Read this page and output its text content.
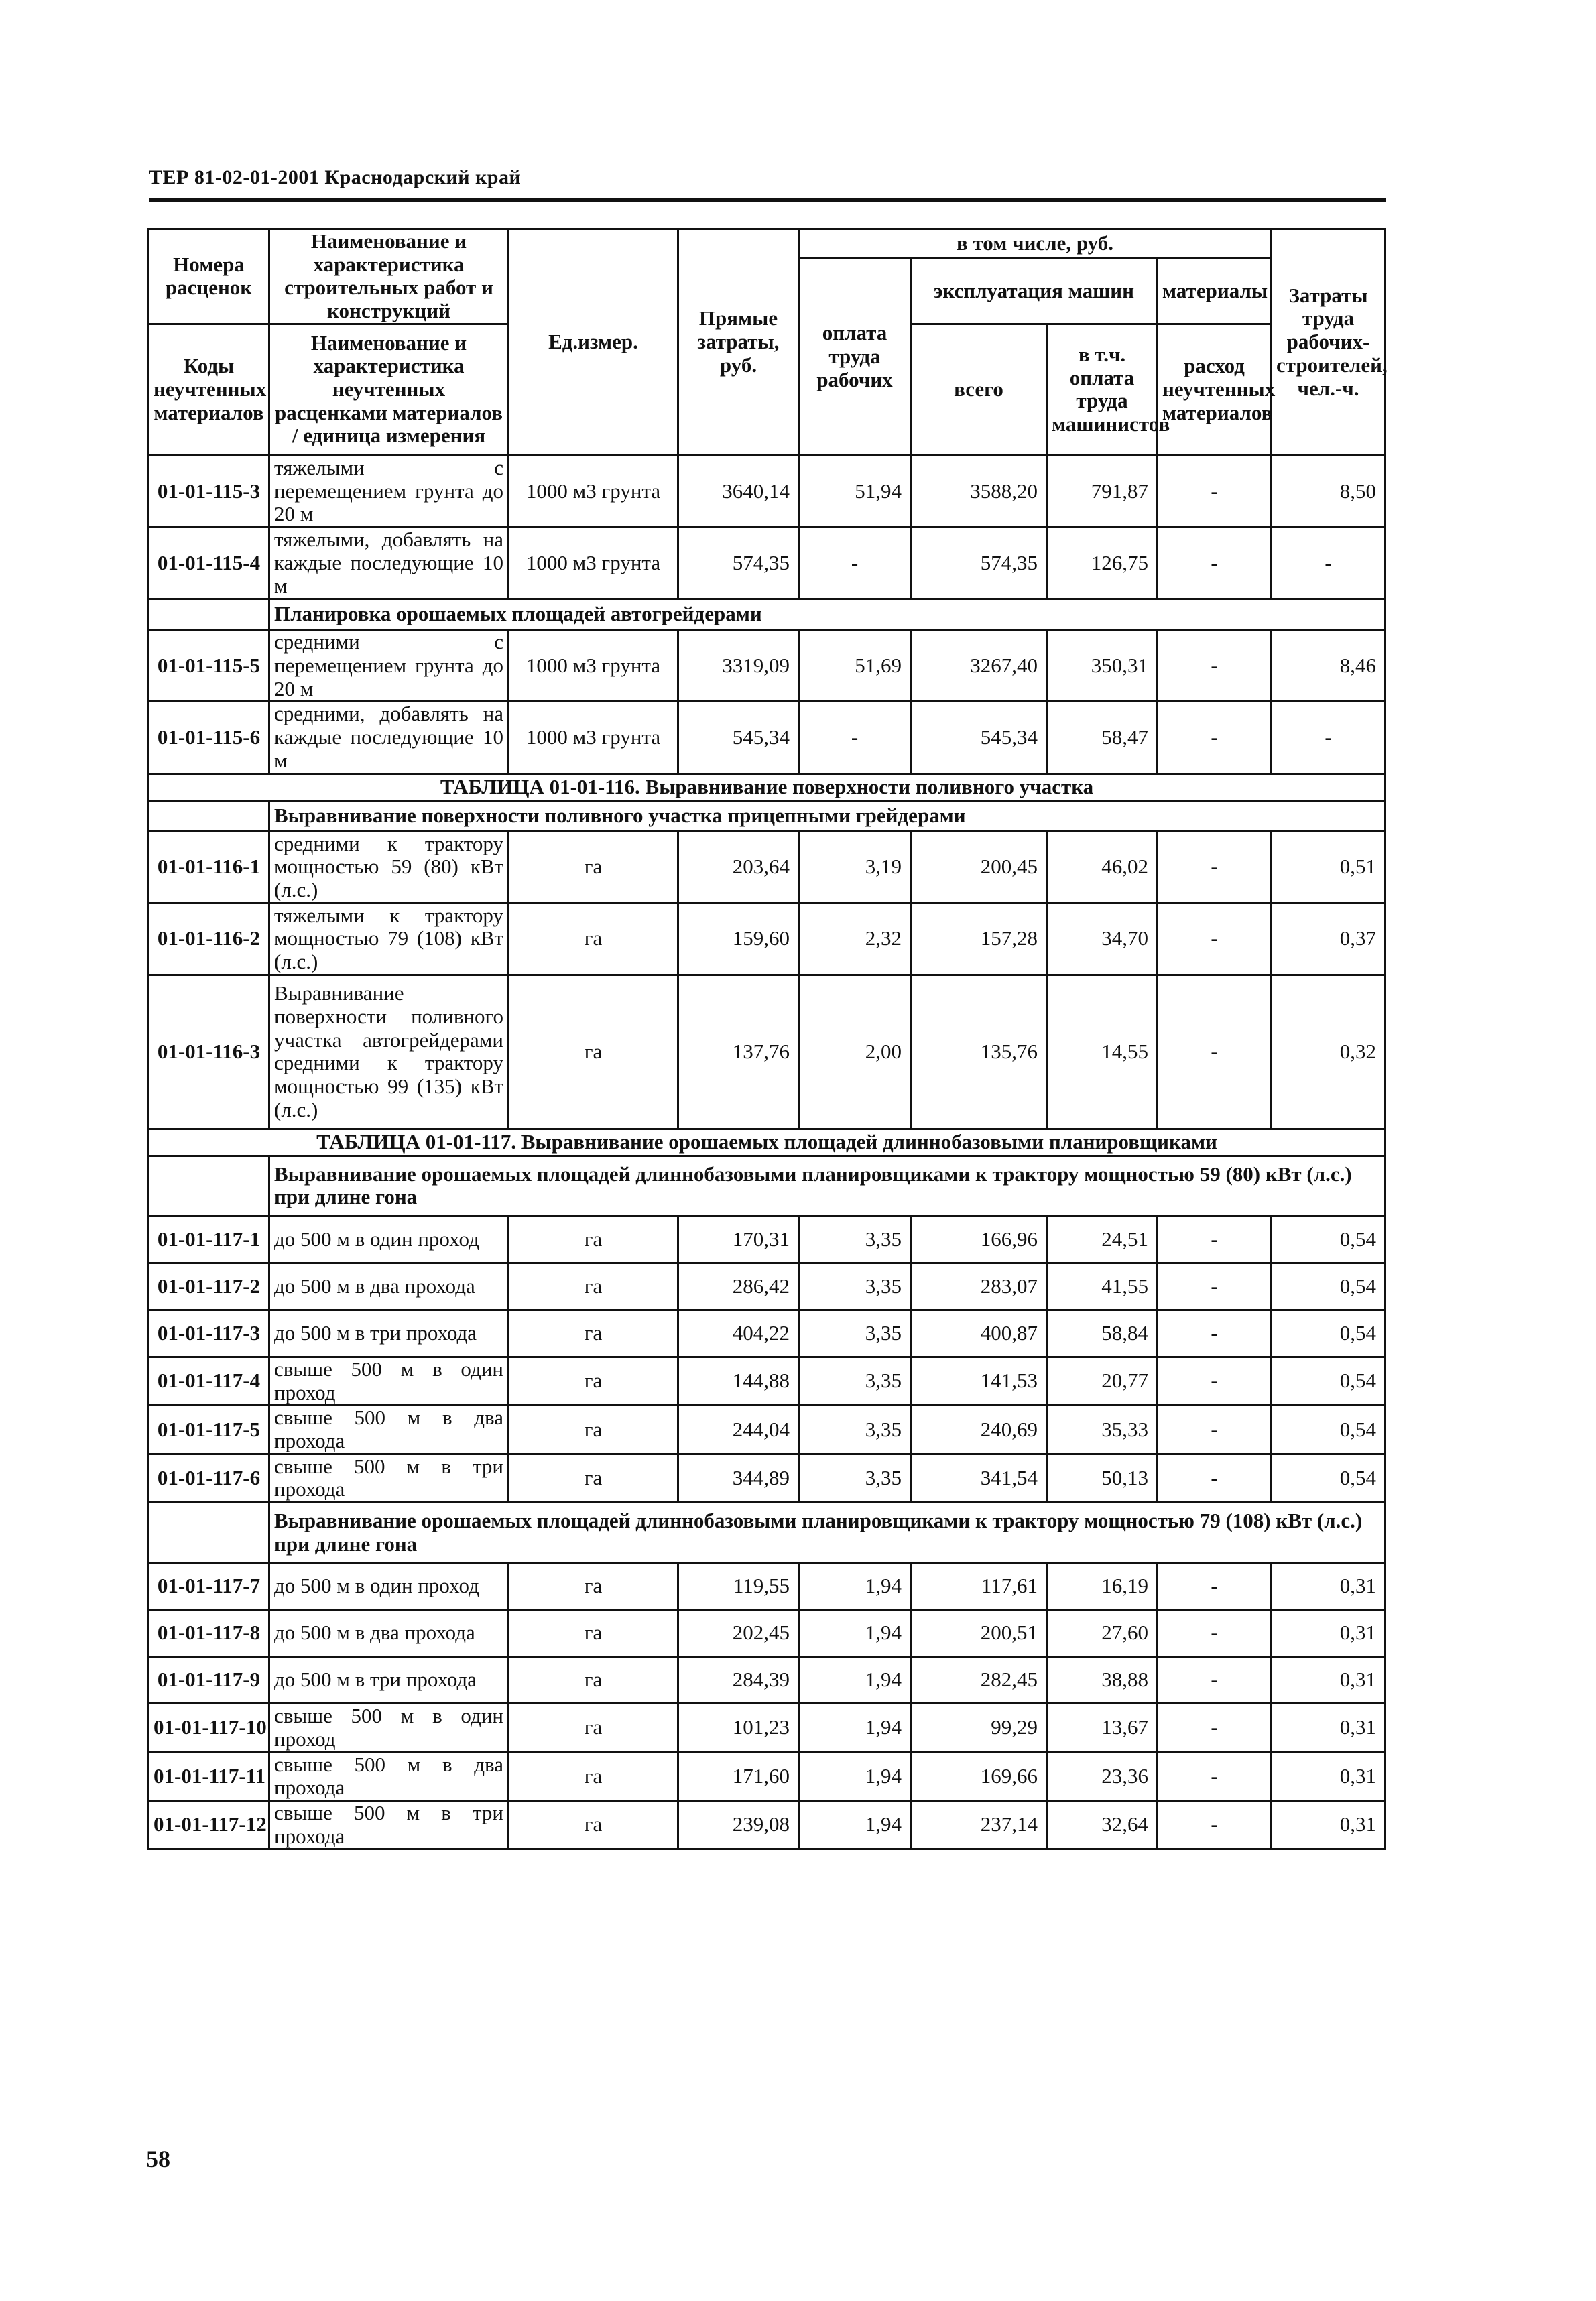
ТЕР 81-02-01-2001 Краснодарский край
Номера расценок	Наименование и характеристика строительных работ и конструкций	Ед.измер.	Прямые затраты, руб.	в том числе, руб.				Затраты труда рабочих-строителей, чел.-ч.
				оплата труда рабочих	эксплуатация машин		материалы	
Коды неучтенных материалов	Наименование и характеристика неучтенных расценками материалов / единица измерения				всего	в т.ч. оплата труда машинистов	расход неучтенных материалов	

01-01-115-3	тяжелыми с перемещением грунта до 20 м	1000 м3 грунта	3640,14	51,94	3588,20	791,87	-	8,50
01-01-115-4	тяжелыми, добавлять на каждые последующие 10 м	1000 м3 грунта	574,35	-	574,35	126,75	-	-
	Планировка орошаемых площадей автогрейдерами							
01-01-115-5	средними с перемещением грунта до 20 м	1000 м3 грунта	3319,09	51,69	3267,40	350,31	-	8,46
01-01-115-6	средними, добавлять на каждые последующие 10 м	1000 м3 грунта	545,34	-	545,34	58,47	-	-
ТАБЛИЦА 01-01-116. Выравнивание поверхности поливного участка								
	Выравнивание поверхности поливного участка прицепными грейдерами							
01-01-116-1	средними к трактору мощностью 59 (80) кВт (л.с.)	га	203,64	3,19	200,45	46,02	-	0,51
01-01-116-2	тяжелыми к трактору мощностью 79 (108) кВт (л.с.)	га	159,60	2,32	157,28	34,70	-	0,37
01-01-116-3	Выравнивание поверхности поливного участка автогрейдерами средними к трактору мощностью 99 (135) кВт (л.с.)	га	137,76	2,00	135,76	14,55	-	0,32
ТАБЛИЦА 01-01-117. Выравнивание орошаемых площадей длиннобазовыми планировщиками								
	Выравнивание орошаемых площадей длиннобазовыми планировщиками к трактору мощностью 59 (80) кВт (л.с.) при длине гона							
01-01-117-1	до 500 м в один проход	га	170,31	3,35	166,96	24,51	-	0,54
01-01-117-2	до 500 м в два прохода	га	286,42	3,35	283,07	41,55	-	0,54
01-01-117-3	до 500 м в три прохода	га	404,22	3,35	400,87	58,84	-	0,54
01-01-117-4	свыше 500 м в один проход	га	144,88	3,35	141,53	20,77	-	0,54
01-01-117-5	свыше 500 м в два прохода	га	244,04	3,35	240,69	35,33	-	0,54
01-01-117-6	свыше 500 м в три прохода	га	344,89	3,35	341,54	50,13	-	0,54
	Выравнивание орошаемых площадей длиннобазовыми планировщиками к трактору мощностью 79 (108) кВт (л.с.) при длине гона							
01-01-117-7	до 500 м в один проход	га	119,55	1,94	117,61	16,19	-	0,31
01-01-117-8	до 500 м в два прохода	га	202,45	1,94	200,51	27,60	-	0,31
01-01-117-9	до 500 м в три прохода	га	284,39	1,94	282,45	38,88	-	0,31
01-01-117-10	свыше 500 м в один проход	га	101,23	1,94	99,29	13,67	-	0,31
01-01-117-11	свыше 500 м в два прохода	га	171,60	1,94	169,66	23,36	-	0,31
01-01-117-12	свыше 500 м в три прохода	га	239,08	1,94	237,14	32,64	-	0,31
58
